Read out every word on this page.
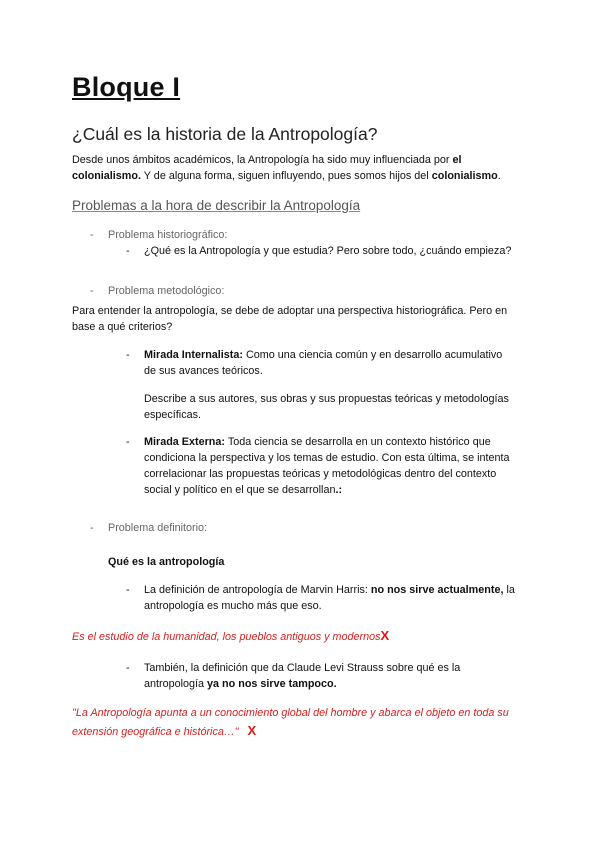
Bloque I
¿Cuál es la historia de la Antropología?
Desde unos ámbitos académicos, la Antropología ha sido muy influenciada por el
colonialismo. Y de alguna forma, siguen influyendo, pues somos hijos del colonialismo.
Problemas a la hora de describir la Antropología
- Problema historiográfico:
- ¿Qué es la Antropología y que estudia? Pero sobre todo, ¿cuándo empieza?
- Problema metodológico:
Para entender la antropología, se debe de adoptar una perspectiva historiográfica. Pero en
base a qué criterios?
- Mirada Internalista: Como una ciencia común y en desarrollo acumulativo
de sus avances teóricos.
Describe a sus autores, sus obras y sus propuestas teóricas y metodologías
específicas.
- Mirada Externa: Toda ciencia se desarrolla en un contexto histórico que
condiciona la perspectiva y los temas de estudio. Con esta última, se intenta
correlacionar las propuestas teóricas y metodológicas dentro del contexto
social y político en el que se desarrollan.:
- Problema definitorio:
Qué es la antropología
- La definición de antropología de Marvin Harris: no nos sirve actualmente, la
antropología es mucho más que eso.
Es el estudio de la humanidad, los pueblos antiguos y modernosX
- También, la definición que da Claude Levi Strauss sobre qué es la
antropología ya no nos sirve tampoco.
"La Antropología apunta a un conocimiento global del hombre y abarca el objeto en toda su
extensión geográfica e histórica…" X
